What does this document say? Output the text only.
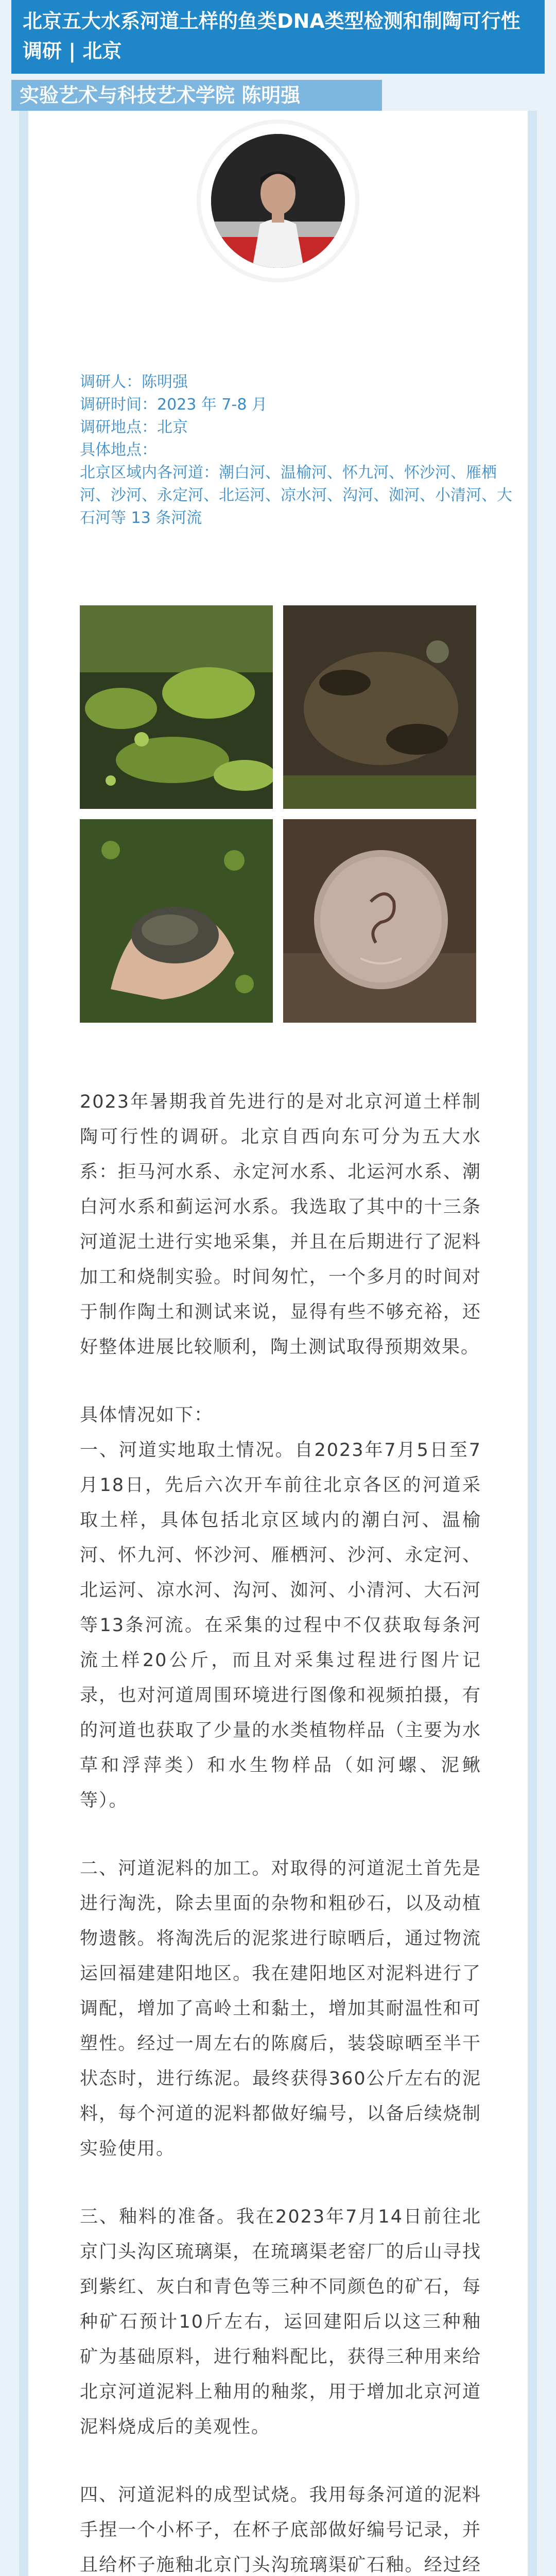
北京五大水系河道土样的鱼类DNA类型检测和制陶可行性调研 | 北京
实验艺术与科技艺术学院 陈明强
调研人：陈明强
调研时间：2023 年 7-8 月
调研地点：北京
具体地点：
北京区域内各河道：潮白河、温榆河、怀九河、怀沙河、雁栖河、沙河、永定河、北运河、凉水河、沟河、洳河、小清河、大石河等 13 条河流

2023年暑期我首先进行的是对北京河道土样制陶可行性的调研。北京自西向东可分为五大水系：拒马河水系、永定河水系、北运河水系、潮白河水系和蓟运河水系。我选取了其中的十三条河道泥土进行实地采集，并且在后期进行了泥料加工和烧制实验。时间匆忙，一个多月的时间对于制作陶土和测试来说，显得有些不够充裕，还好整体进展比较顺利，陶土测试取得预期效果。

具体情况如下：

一、河道实地取土情况。自2023年7月5日至7月18日，先后六次开车前往北京各区的河道采取土样，具体包括北京区域内的潮白河、温榆河、怀九河、怀沙河、雁栖河、沙河、永定河、北运河、凉水河、沟河、洳河、小清河、大石河等13条河流。在采集的过程中不仅获取每条河流土样20公斤，而且对采集过程进行图片记录，也对河道周围环境进行图像和视频拍摄，有的河道也获取了少量的水类植物样品（主要为水草和浮萍类）和水生物样品（如河螺、泥鳅等）。

二、河道泥料的加工。对取得的河道泥土首先是进行淘洗，除去里面的杂物和粗砂石，以及动植物遗骸。将淘洗后的泥浆进行晾晒后，通过物流运回福建建阳地区。我在建阳地区对泥料进行了调配，增加了高岭土和黏土，增加其耐温性和可塑性。经过一周左右的陈腐后，装袋晾晒至半干状态时，进行练泥。最终获得360公斤左右的泥料，每个河道的泥料都做好编号，以备后续烧制实验使用。

三、釉料的准备。我在2023年7月14日前往北京门头沟区琉璃渠，在琉璃渠老窑厂的后山寻找到紫红、灰白和青色等三种不同颜色的矿石，每种矿石预计10斤左右，运回建阳后以这三种釉矿为基础原料，进行釉料配比，获得三种用来给北京河道泥料上釉用的釉浆，用于增加北京河道泥料烧成后的美观性。

四、河道泥料的成型试烧。我用每条河道的泥料手捏一个小杯子，在杯子底部做好编号记录，并且给杯子施釉北京门头沟琉璃渠矿石釉。经过经
